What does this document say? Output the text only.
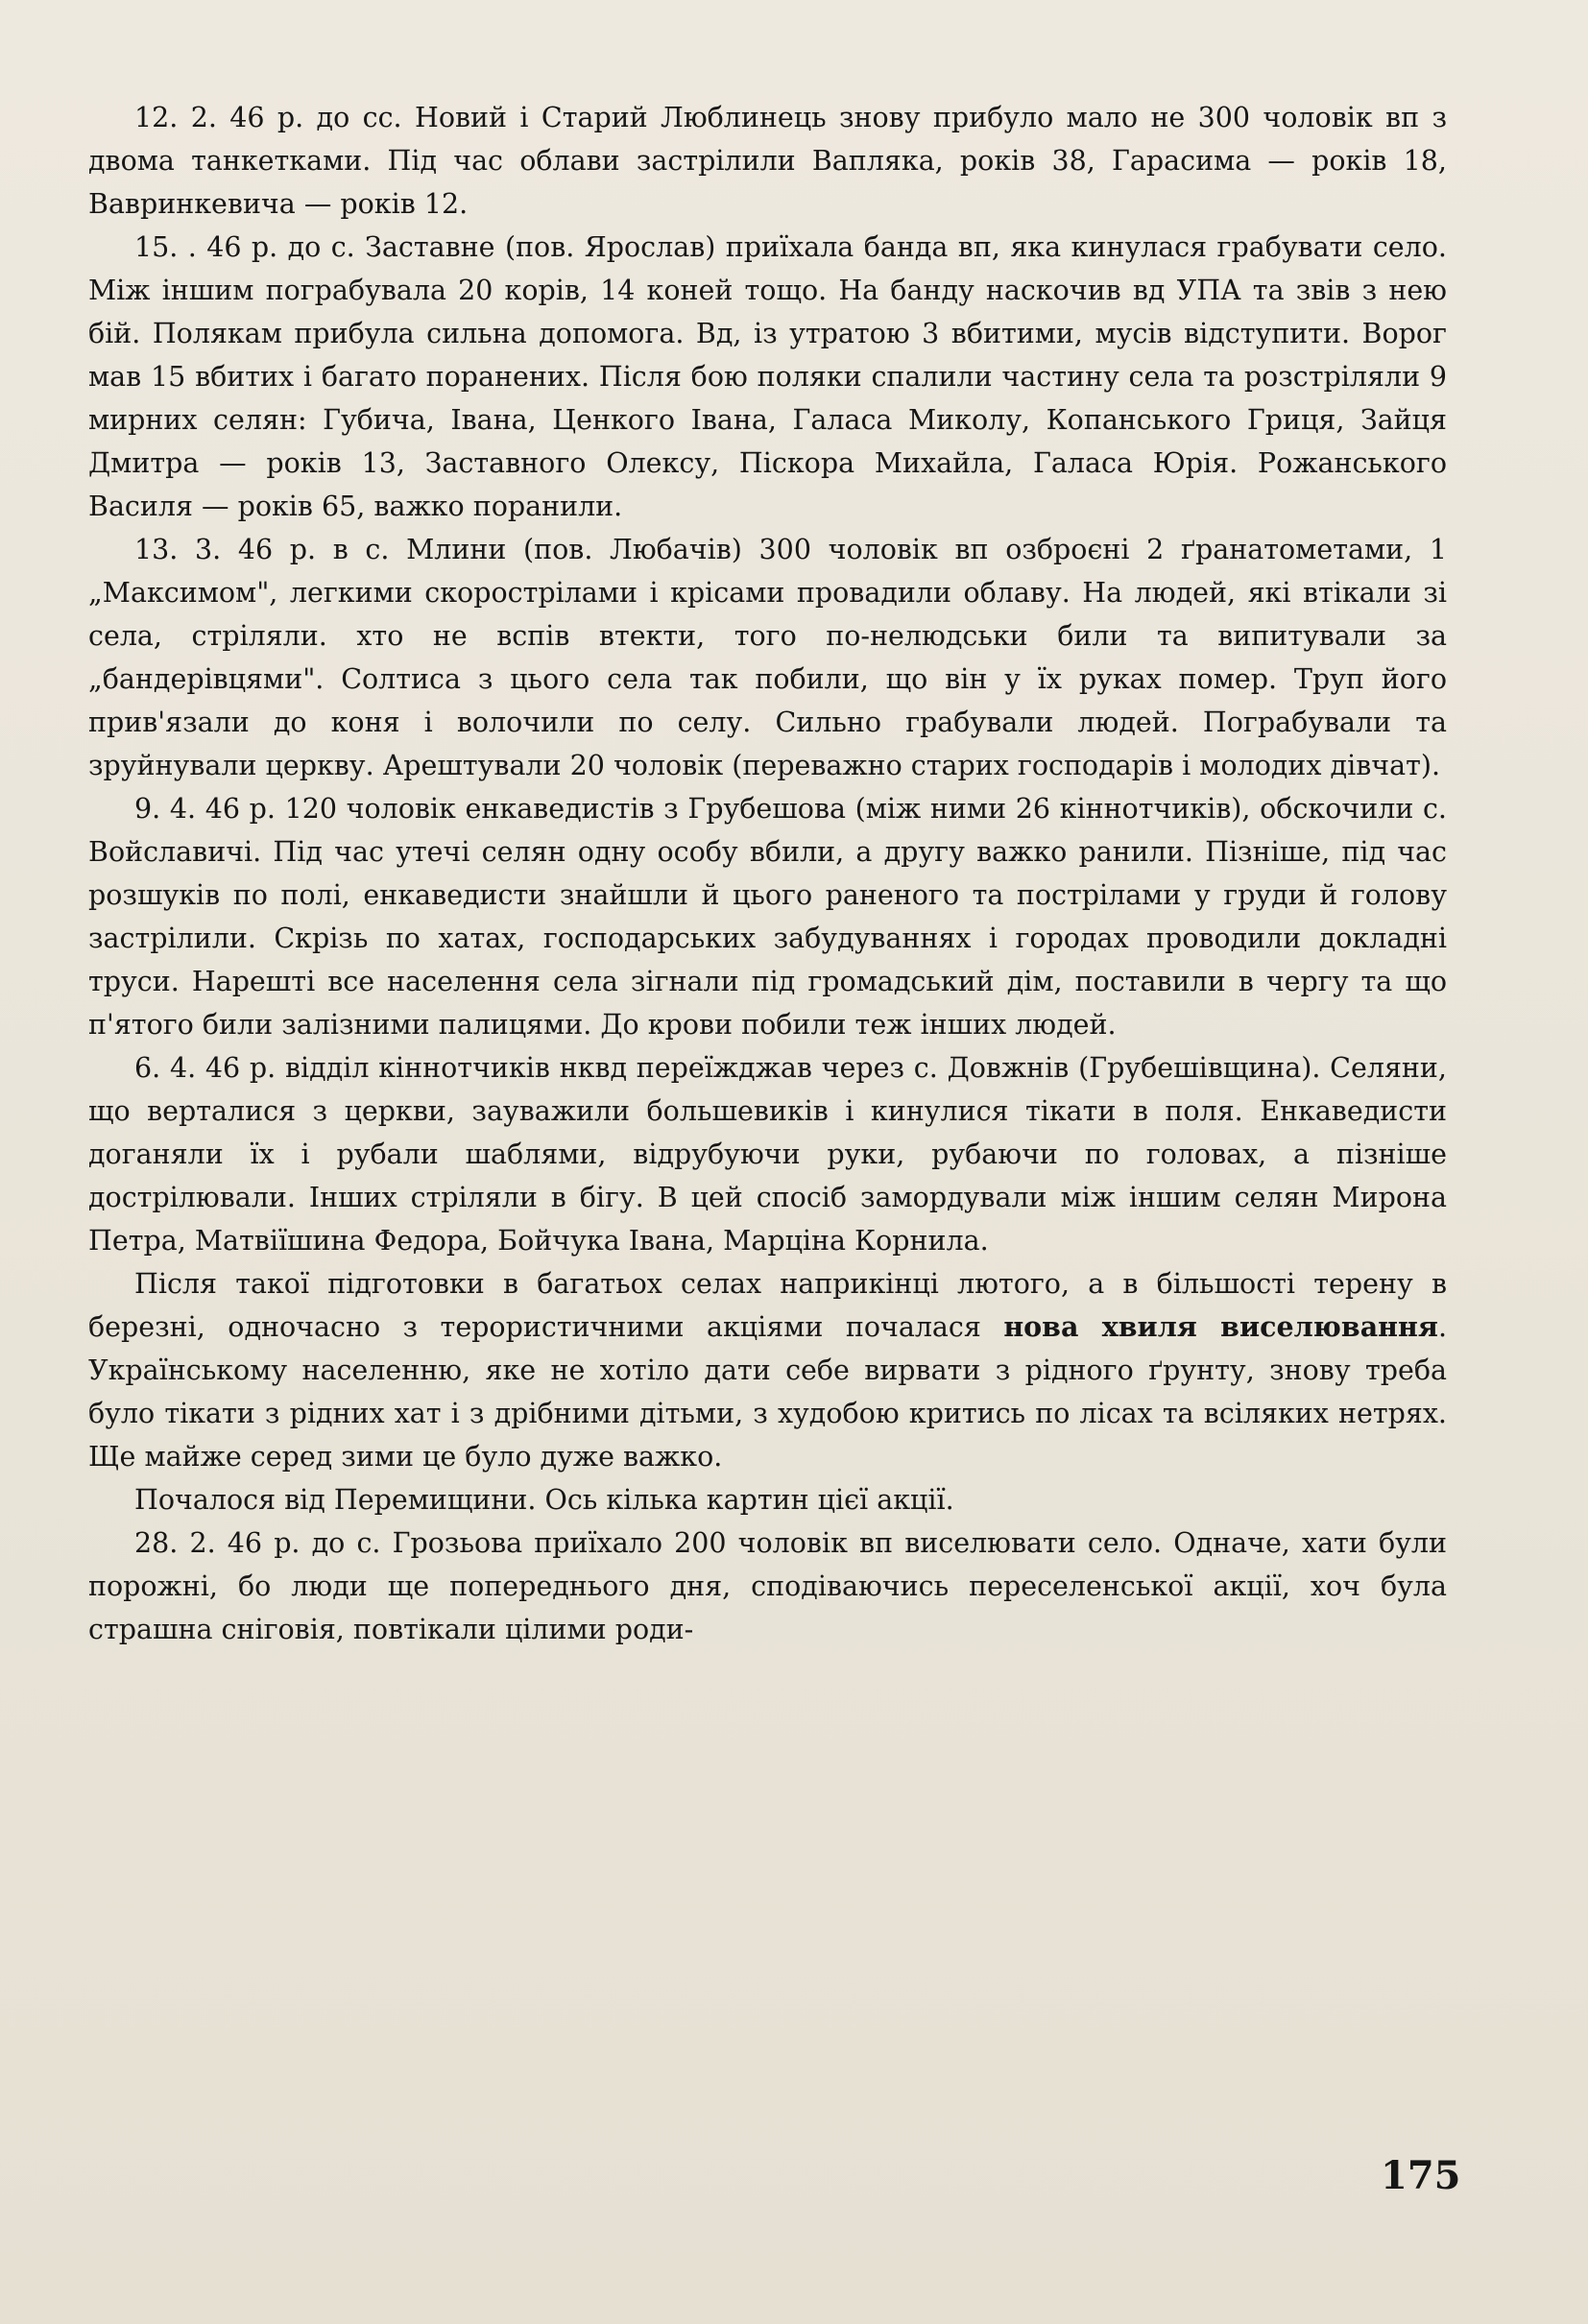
12. 2. 46 р. до сс. Новий і Старий Люблинець знову прибуло мало не 300 чоловік вп з двома танкетками. Під час облави застрілили Вапляка, років 38, Гарасима — років 18, Вавринкевича — років 12.

15. . 46 р. до с. Заставне (пов. Ярослав) приїхала банда вп, яка кинулася грабувати село. Між іншим пограбувала 20 корів, 14 коней тощо. На банду наскочив вд УПА та звів з нею бій. Полякам прибула сильна допомога. Вд, із утратою 3 вбитими, мусів відступити. Ворог мав 15 вбитих і багато поранених. Після бою поляки спалили частину села та розстріляли 9 мирних селян: Губича, Івана, Ценкого Івана, Галаса Миколу, Копанського Гриця, Зайця Дмитра — років 13, Заставного Олексу, Піскора Михайла, Галаса Юрія. Рожанського Василя — років 65, важко поранили.

13. 3. 46 р. в с. Млини (пов. Любачів) 300 чоловік вп озброєні 2 ґранатометами, 1 „Максимом", легкими скорострілами і крісами провадили облаву. На людей, які втікали зі села, стріляли. хто не вспів втекти, того по-нелюдськи били та випитували за „бандерівцями". Солтиса з цього села так побили, що він у їх руках помер. Труп його прив'язали до коня і волочили по селу. Сильно грабували людей. Пограбували та зруйнували церкву. Арештували 20 чоловік (переважно старих господарів і молодих дівчат).

9. 4. 46 р. 120 чоловік енкаведистів з Грубешова (між ними 26 кіннотчиків), обскочили с. Войславичі. Під час утечі селян одну особу вбили, а другу важко ранили. Пізніше, під час розшуків по полі, енкаведисти знайшли й цього раненого та пострілами у груди й голову застрілили. Скрізь по хатах, господарських забудуваннях і городах проводили докладні труси. Нарешті все населення села зігнали під громадський дім, поставили в чергу та що п'ятого били залізними палицями. До крови побили теж інших людей.

6. 4. 46 р. відділ кіннотчиків нквд переїжджав через с. Довжнів (Грубешівщина). Селяни, що верталися з церкви, зауважили большевиків і кинулися тікати в поля. Енкаведисти доганяли їх і рубали шаблями, відрубуючи руки, рубаючи по головах, а пізніше дострілювали. Інших стріляли в бігу. В цей спосіб замордували між іншим селян Мирона Петра, Матвіїшина Федора, Бойчука Івана, Марціна Корнила.

Після такої підготовки в багатьох селах наприкінці лютого, а в більшості терену в березні, одночасно з терористичними акціями почалася нова хвиля виселювання. Українському населенню, яке не хотіло дати себе вирвати з рідного ґрунту, знову треба було тікати з рідних хат і з дрібними дітьми, з худобою критись по лісах та всіляких нетрях. Ще майже серед зими це було дуже важко.

Почалося від Перемищини. Ось кілька картин цієї акції.

28. 2. 46 р. до с. Грозьова приїхало 200 чоловік вп виселювати село. Одначе, хати були порожні, бо люди ще попереднього дня, сподіваючись переселенської акції, хоч була страшна сніговія, повтікали цілими роди-

175
